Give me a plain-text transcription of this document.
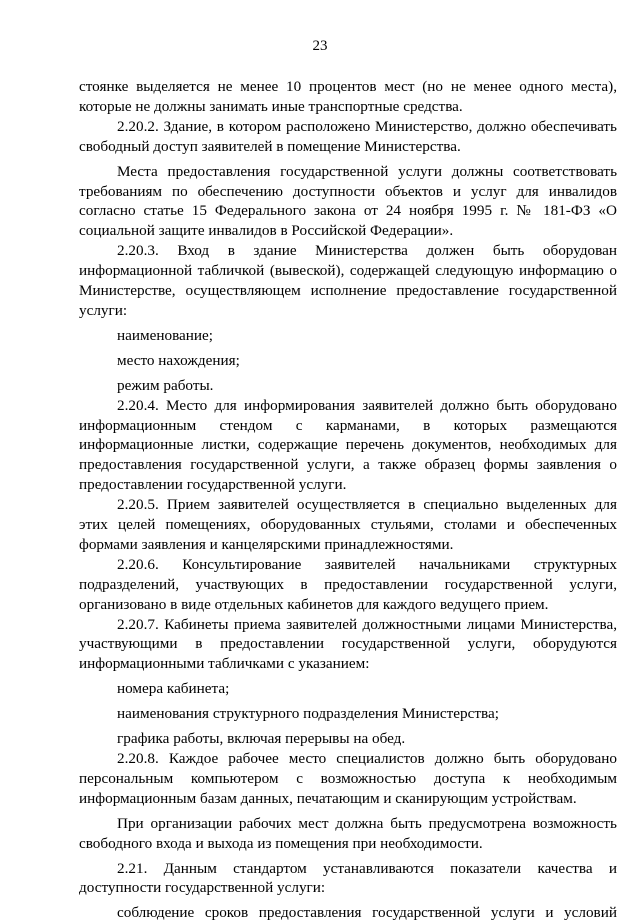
23

стоянке выделяется не менее 10 процентов мест (но не менее одного места), которые не должны занимать иные транспортные средства.

2.20.2. Здание, в котором расположено Министерство, должно обеспечивать свободный доступ заявителей в помещение Министерства.

Места предоставления государственной услуги должны соответствовать требованиям по обеспечению доступности объектов и услуг для инвалидов согласно статье 15 Федерального закона от 24 ноября 1995 г. № 181-ФЗ «О социальной защите инвалидов в Российской Федерации».

2.20.3. Вход в здание Министерства должен быть оборудован информационной табличкой (вывеской), содержащей следующую информацию о Министерстве, осуществляющем исполнение предоставление государственной услуги:

наименование;

место нахождения;

режим работы.

2.20.4. Место для информирования заявителей должно быть оборудовано информационным стендом с карманами, в которых размещаются информационные листки, содержащие перечень документов, необходимых для предоставления государственной услуги, а также образец формы заявления о предоставлении государственной услуги.

2.20.5. Прием заявителей осуществляется в специально выделенных для этих целей помещениях, оборудованных стульями, столами и обеспеченных формами заявления и канцелярскими принадлежностями.

2.20.6. Консультирование заявителей начальниками структурных подразделений, участвующих в предоставлении государственной услуги, организовано в виде отдельных кабинетов для каждого ведущего прием.

2.20.7. Кабинеты приема заявителей должностными лицами Министерства, участвующими в предоставлении государственной услуги, оборудуются информационными табличками с указанием:

номера кабинета;

наименования структурного подразделения Министерства;

графика работы, включая перерывы на обед.

2.20.8. Каждое рабочее место специалистов должно быть оборудовано персональным компьютером с возможностью доступа к необходимым информационным базам данных, печатающим и сканирующим устройствам.

При организации рабочих мест должна быть предусмотрена возможность свободного входа и выхода из помещения при необходимости.

2.21. Данным стандартом устанавливаются показатели качества и доступности государственной услуги:

соблюдение сроков предоставления государственной услуги и условий
